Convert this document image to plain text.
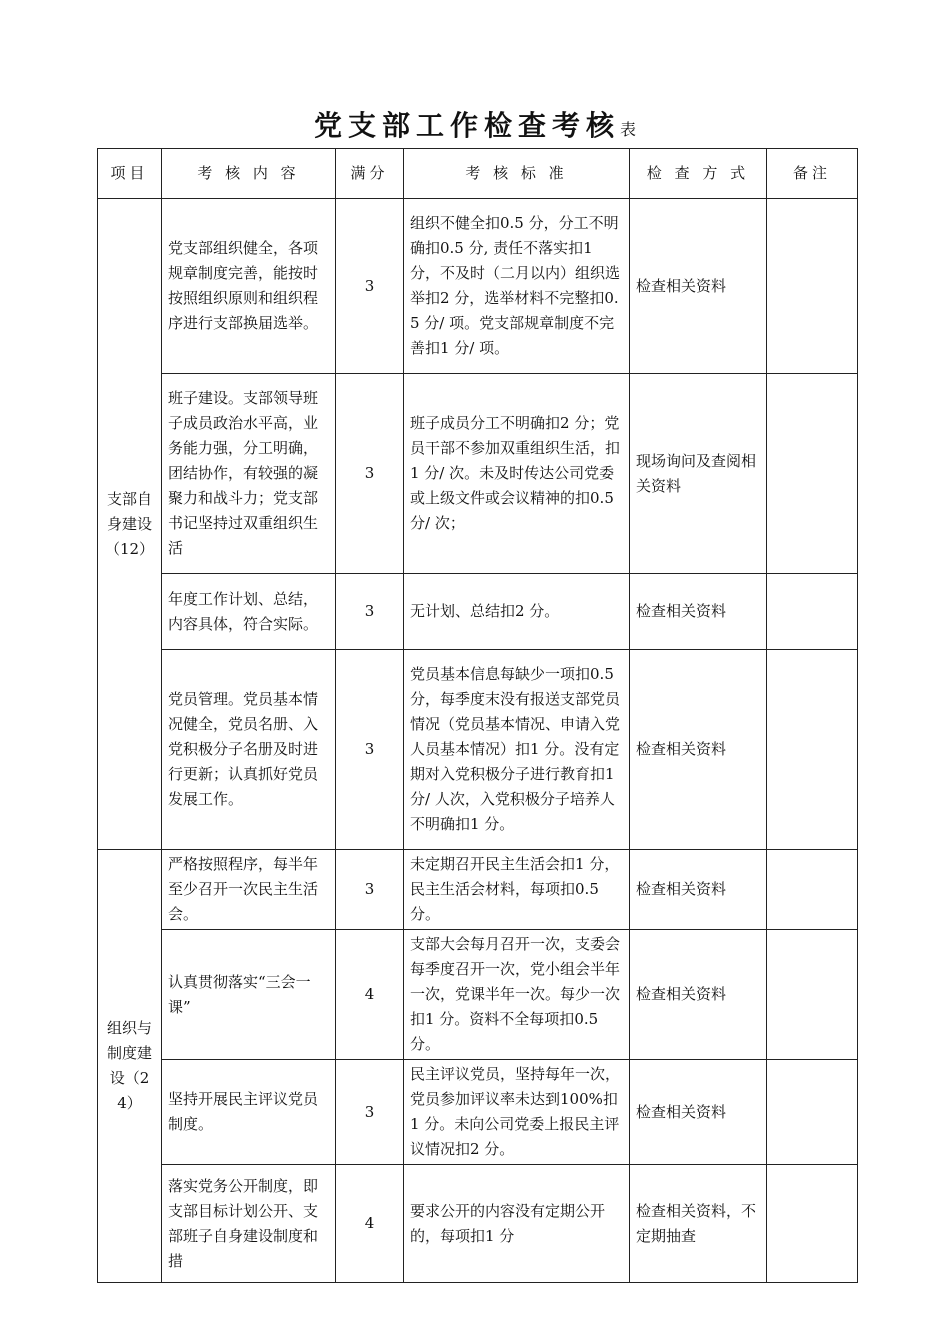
党支部工作检查考核表
项目	考 核 内 容	满分	考 核 标 准	检 查 方 式	备注
支部自身建设（12）	党支部组织健全，各项规章制度完善，能按时按照组织原则和组织程序进行支部换届选举。	3	组织不健全扣0.5 分，分工不明确扣0.5 分, 责任不落实扣1 分，不及时（二月以内）组织选举扣2 分，选举材料不完整扣0.5 分/ 项。党支部规章制度不完善扣1 分/ 项。	检查相关资料	
	班子建设。支部领导班子成员政治水平高，业务能力强，分工明确，团结协作，有较强的凝聚力和战斗力；党支部书记坚持过双重组织生活	3	班子成员分工不明确扣2 分；党员干部不参加双重组织生活，扣1 分/ 次。未及时传达公司党委或上级文件或会议精神的扣0.5 分/ 次；	现场询问及查阅相关资料	
	年度工作计划、总结，内容具体，符合实际。	3	无计划、总结扣2 分。	检查相关资料	
	党员管理。党员基本情况健全，党员名册、入党积极分子名册及时进行更新；认真抓好党员发展工作。	3	党员基本信息每缺少一项扣0.5 分，每季度末没有报送支部党员情况（党员基本情况、申请入党人员基本情况）扣1 分。没有定期对入党积极分子进行教育扣1 分/ 人次，入党积极分子培养人不明确扣1 分。	检查相关资料	
组织与制度建设（24）	严格按照程序，每半年至少召开一次民主生活会。	3	未定期召开民主生活会扣1 分，民主生活会材料，每项扣0.5 分。	检查相关资料	
	认真贯彻落实“三会一课”	4	支部大会每月召开一次，支委会每季度召开一次，党小组会半年一次，党课半年一次。每少一次扣1 分。资料不全每项扣0.5 分。	检查相关资料	
	坚持开展民主评议党员制度。	3	民主评议党员，坚持每年一次，党员参加评议率未达到100%扣1 分。未向公司党委上报民主评议情况扣2 分。	检查相关资料	
	落实党务公开制度，即支部目标计划公开、支部班子自身建设制度和措	4	要求公开的内容没有定期公开的，每项扣1 分	检查相关资料，不定期抽查	
